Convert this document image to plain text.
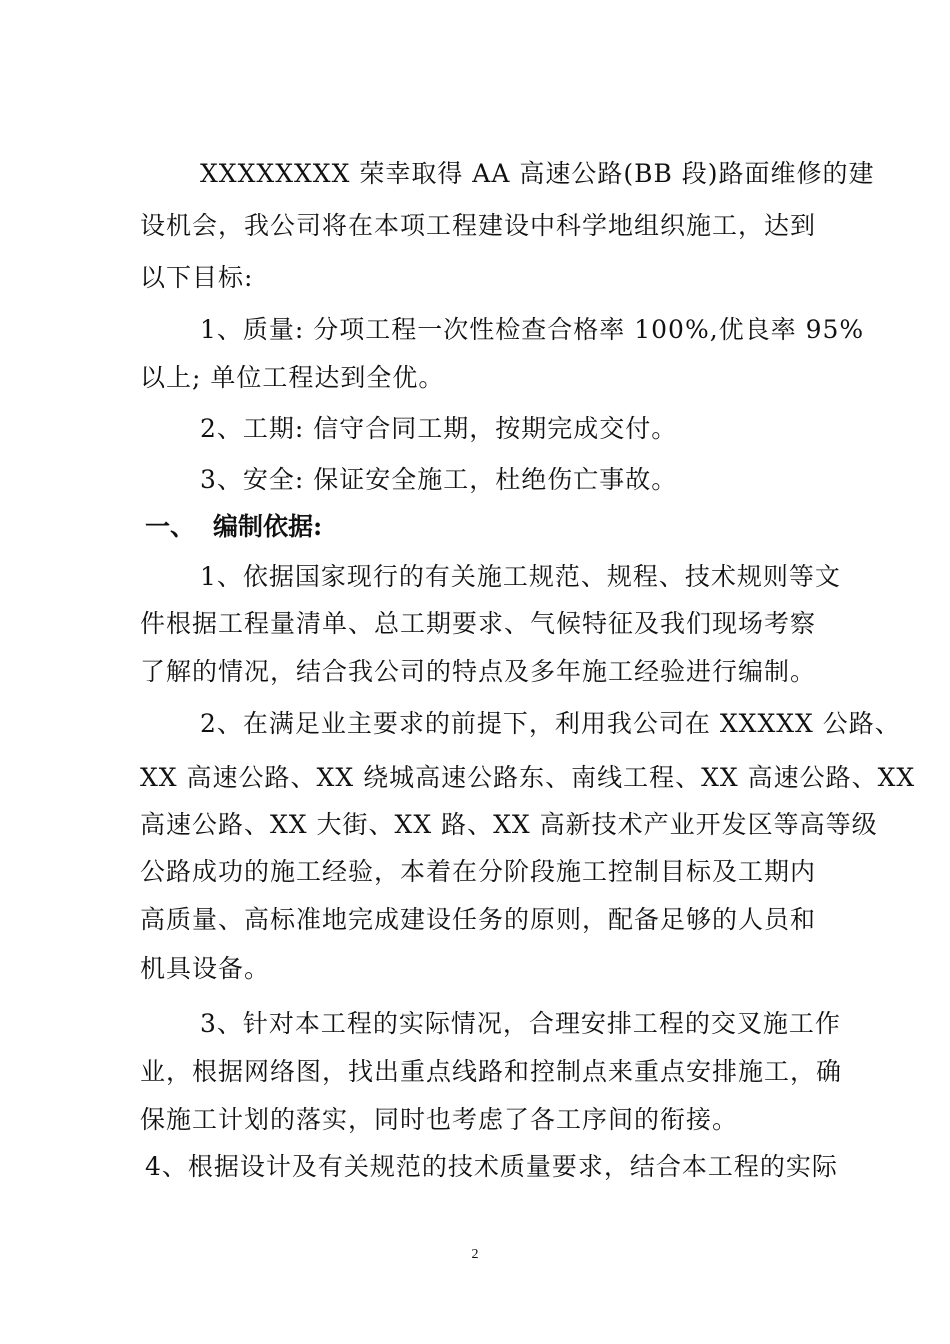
XXXXXXXX 荣幸取得 AA 高速公路(BB 段)路面维修的建
设机会，我公司将在本项工程建设中科学地组织施工，达到
以下目标:
1、质量: 分项工程一次性检查合格率 100%,优良率 95%
以上; 单位工程达到全优。
2、工期: 信守合同工期，按期完成交付。
3、安全: 保证安全施工，杜绝伤亡事故。
一、 编制依据:
1、依据国家现行的有关施工规范、规程、技术规则等文
件根据工程量清单、总工期要求、气候特征及我们现场考察
了解的情况，结合我公司的特点及多年施工经验进行编制。
2、在满足业主要求的前提下，利用我公司在 XXXXX 公路、
XX 高速公路、XX 绕城高速公路东、南线工程、XX 高速公路、XX
高速公路、XX 大街、XX 路、XX 高新技术产业开发区等高等级
公路成功的施工经验，本着在分阶段施工控制目标及工期内
高质量、高标准地完成建设任务的原则，配备足够的人员和
机具设备。
3、针对本工程的实际情况，合理安排工程的交叉施工作
业，根据网络图，找出重点线路和控制点来重点安排施工，确
保施工计划的落实，同时也考虑了各工序间的衔接。
4、根据设计及有关规范的技术质量要求，结合本工程的实际
2
